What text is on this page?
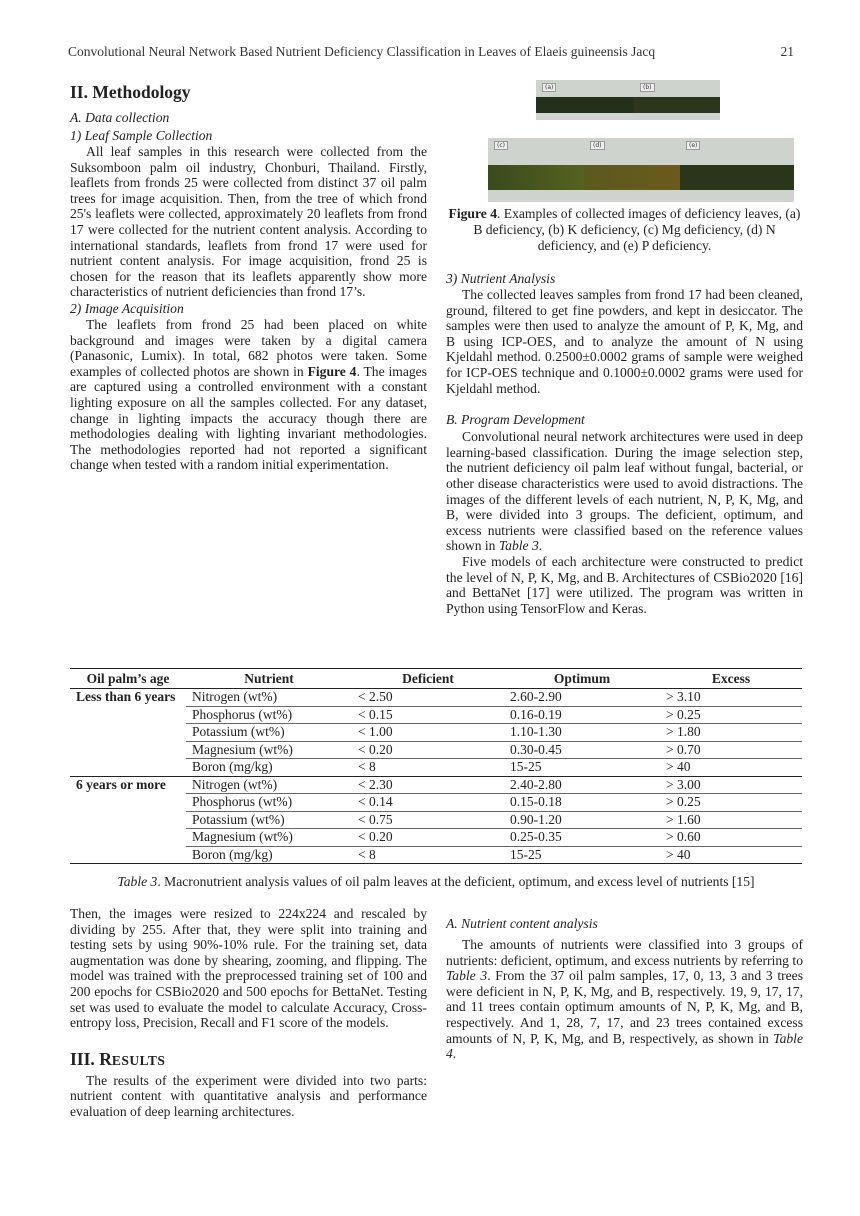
Convolutional Neural Network Based Nutrient Deficiency Classification in Leaves of Elaeis guineensis Jacq	21
II. Methodology
A. Data collection
1) Leaf Sample Collection

All leaf samples in this research were collected from the Suksomboon palm oil industry, Chonburi, Thailand. Firstly, leaflets from fronds 25 were collected from distinct 37 oil palm trees for image acquisition. Then, from the tree of which frond 25's leaflets were collected, approximately 20 leaflets from frond 17 were collected for the nutrient content analysis. According to international standards, leaflets from frond 17 were used for nutrient content analysis. For image acquisition, frond 25 is chosen for the reason that its leaflets apparently show more characteristics of nutrient deficiencies than frond 17’s.

2) Image Acquisition

The leaflets from frond 25 had been placed on white background and images were taken by a digital camera (Panasonic, Lumix). In total, 682 photos were taken. Some examples of collected photos are shown in Figure 4. The images are captured using a controlled environment with a constant lighting exposure on all the samples collected. For any dataset, change in lighting impacts the accuracy though there are methodologies dealing with lighting invariant methodologies. The methodologies reported had not reported a significant change when tested with a random initial experimentation.

(a)	(b)
(c)	(d)	(e)
Figure 4. Examples of collected images of deficiency leaves, (a) B deficiency, (b) K deficiency, (c) Mg deficiency, (d) N deficiency, and (e) P deficiency.
3) Nutrient Analysis

The collected leaves samples from frond 17 had been cleaned, ground, filtered to get fine powders, and kept in desiccator. The samples were then used to analyze the amount of P, K, Mg, and B using ICP-OES, and to analyze the amount of N using Kjeldahl method. 0.2500±0.0002 grams of sample were weighed for ICP-OES technique and 0.1000±0.0002 grams were used for Kjeldahl method.

B. Program Development

Convolutional neural network architectures were used in deep learning-based classification. During the image selection step, the nutrient deficiency oil palm leaf without fungal, bacterial, or other disease characteristics were used to avoid distractions. The images of the different levels of each nutrient, N, P, K, Mg, and B, were divided into 3 groups. The deficient, optimum, and excess nutrients were classified based on the reference values shown in Table 3.

Five models of each architecture were constructed to predict the level of N, P, K, Mg, and B. Architectures of CSBio2020 [16] and BettaNet [17] were utilized. The program was written in Python using TensorFlow and Keras.

Oil palm’s age	Nutrient	Deficient	Optimum	Excess
Less than 6 years	Nitrogen (wt%)	< 2.50	2.60-2.90	> 3.10
	Phosphorus (wt%)	< 0.15	0.16-0.19	> 0.25
	Potassium (wt%)	< 1.00	1.10-1.30	> 1.80
	Magnesium (wt%)	< 0.20	0.30-0.45	> 0.70
	Boron (mg/kg)	< 8	15-25	> 40
6 years or more	Nitrogen (wt%)	< 2.30	2.40-2.80	> 3.00
	Phosphorus (wt%)	< 0.14	0.15-0.18	> 0.25
	Potassium (wt%)	< 0.75	0.90-1.20	> 1.60
	Magnesium (wt%)	< 0.20	0.25-0.35	> 0.60
	Boron (mg/kg)	< 8	15-25	> 40
Table 3. Macronutrient analysis values of oil palm leaves at the deficient, optimum, and excess level of nutrients [15]

Then, the images were resized to 224x224 and rescaled by dividing by 255. After that, they were split into training and testing sets by using 90%-10% rule. For the training set, data augmentation was done by shearing, zooming, and flipping. The model was trained with the preprocessed training set of 100 and 200 epochs for CSBio2020 and 500 epochs for BettaNet. Testing set was used to evaluate the model to calculate Accuracy, Cross-entropy loss, Precision, Recall and F1 score of the models.

III. RESULTS

The results of the experiment were divided into two parts: nutrient content with quantitative analysis and performance evaluation of deep learning architectures.

A. Nutrient content analysis

The amounts of nutrients were classified into 3 groups of nutrients: deficient, optimum, and excess nutrients by referring to Table 3. From the 37 oil palm samples, 17, 0, 13, 3 and 3 trees were deficient in N, P, K, Mg, and B, respectively. 19, 9, 17, 17, and 11 trees contain optimum amounts of N, P, K, Mg, and B, respectively. And 1, 28, 7, 17, and 23 trees contained excess amounts of N, P, K, Mg, and B, respectively, as shown in Table 4.
